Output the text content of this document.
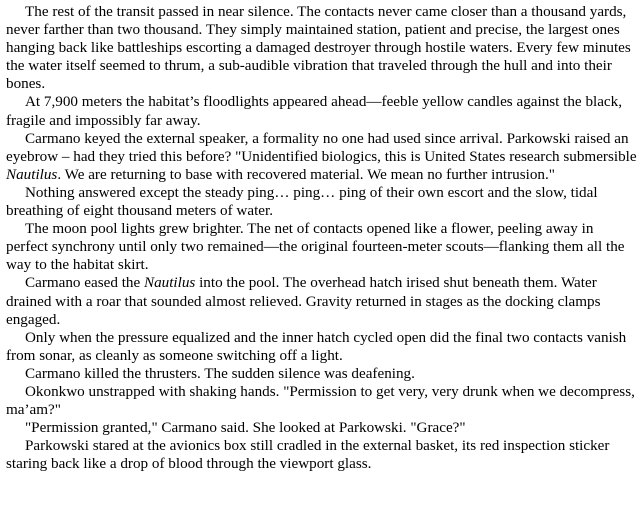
The rest of the transit passed in near silence. The contacts never came closer than a thousand yards, never farther than two thousand. They simply maintained station, patient and precise, the largest ones hanging back like battleships escorting a damaged destroyer through hostile waters. Every few minutes the water itself seemed to thrum, a sub-audible vibration that traveled through the hull and into their bones.

At 7,900 meters the habitat’s floodlights appeared ahead—feeble yellow candles against the black, fragile and impossibly far away.

Carmano keyed the external speaker, a formality no one had used since arrival. Parkowski raised an eyebrow – had they tried this before? "Unidentified biologics, this is United States research submersible Nautilus. We are returning to base with recovered material. We mean no further intrusion."

Nothing answered except the steady ping… ping… ping of their own escort and the slow, tidal breathing of eight thousand meters of water.

The moon pool lights grew brighter. The net of contacts opened like a flower, peeling away in perfect synchrony until only two remained—the original fourteen-meter scouts—flanking them all the way to the habitat skirt.

Carmano eased the Nautilus into the pool. The overhead hatch irised shut beneath them. Water drained with a roar that sounded almost relieved. Gravity returned in stages as the docking clamps engaged.

Only when the pressure equalized and the inner hatch cycled open did the final two contacts vanish from sonar, as cleanly as someone switching off a light.

Carmano killed the thrusters. The sudden silence was deafening.

Okonkwo unstrapped with shaking hands. "Permission to get very, very drunk when we decompress, ma’am?"

"Permission granted," Carmano said. She looked at Parkowski. "Grace?"

Parkowski stared at the avionics box still cradled in the external basket, its red inspection sticker staring back like a drop of blood through the viewport glass.
